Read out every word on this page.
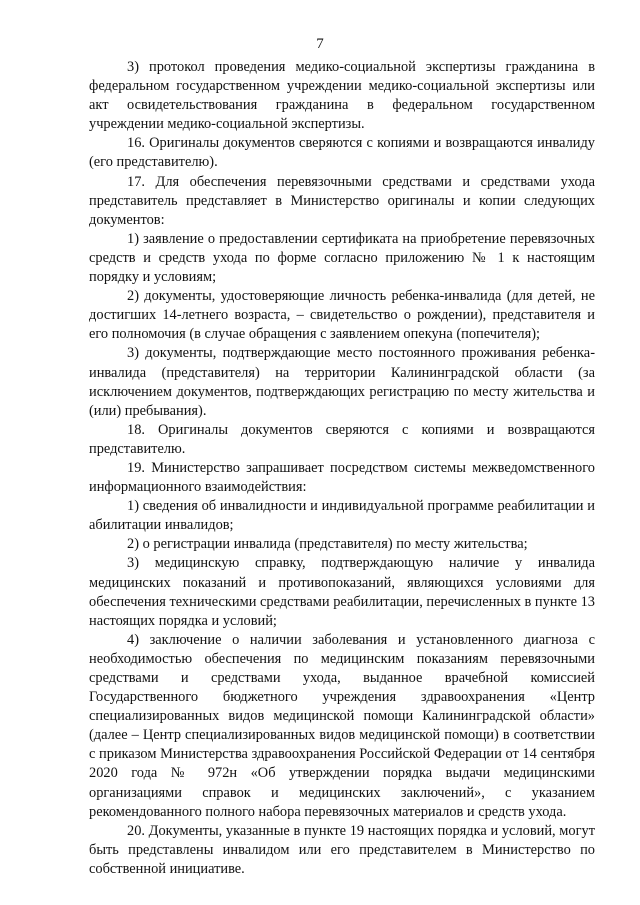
7

3) протокол проведения медико-социальной экспертизы гражданина в федеральном государственном учреждении медико-социальной экспертизы или акт освидетельствования гражданина в федеральном государственном учреждении медико-социальной экспертизы.

16. Оригиналы документов сверяются с копиями и возвращаются инвалиду (его представителю).

17. Для обеспечения перевязочными средствами и средствами ухода представитель представляет в Министерство оригиналы и копии следующих документов:

1) заявление о предоставлении сертификата на приобретение перевязочных средств и средств ухода по форме согласно приложению № 1 к настоящим порядку и условиям;

2) документы, удостоверяющие личность ребенка-инвалида (для детей, не достигших 14-летнего возраста, – свидетельство о рождении), представителя и его полномочия (в случае обращения с заявлением опекуна (попечителя);

3) документы, подтверждающие место постоянного проживания ребенка-инвалида (представителя) на территории Калининградской области (за исключением документов, подтверждающих регистрацию по месту жительства и (или) пребывания).

18. Оригиналы документов сверяются с копиями и возвращаются представителю.

19. Министерство запрашивает посредством системы межведомственного информационного взаимодействия:

1) сведения об инвалидности и индивидуальной программе реабилитации и абилитации инвалидов;

2) о регистрации инвалида (представителя) по месту жительства;

3) медицинскую справку, подтверждающую наличие у инвалида медицинских показаний и противопоказаний, являющихся условиями для обеспечения техническими средствами реабилитации, перечисленных в пункте 13 настоящих порядка и условий;

4) заключение о наличии заболевания и установленного диагноза с необходимостью обеспечения по медицинским показаниям перевязочными средствами и средствами ухода, выданное врачебной комиссией Государственного бюджетного учреждения здравоохранения «Центр специализированных видов медицинской помощи Калининградской области» (далее – Центр специализированных видов медицинской помощи) в соответствии с приказом Министерства здравоохранения Российской Федерации от 14 сентября 2020 года № 972н «Об утверждении порядка выдачи медицинскими организациями справок и медицинских заключений», с указанием рекомендованного полного набора перевязочных материалов и средств ухода.

20. Документы, указанные в пункте 19 настоящих порядка и условий, могут быть представлены инвалидом или его представителем в Министерство по собственной инициативе.
